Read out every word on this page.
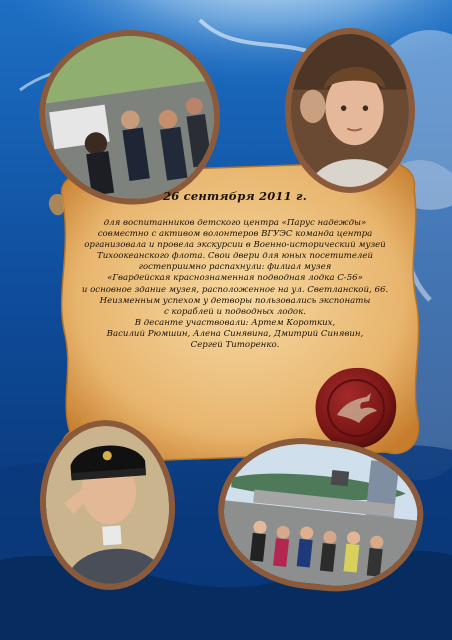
26 сентября 2011 г.
для воспитанников детского центра «Парус надежды»
совместно с активом волонтеров ВГУЭС команда центра
организовала и провела экскурсии в Военно-исторический музей
Тихоокеанского флота. Свои двери для юных посетителей
гостеприимно распахнули: филиал музея
«Гвардейская краснознаменная подводная лодка С-56»
и основное здание музея, расположенное на ул. Светланской, 66.
Неизменным успехом у детворы пользовались экспонаты
с кораблей и подводных лодок.
В десанте участвовали: Артем Коротких,
Василий Рюмшин, Алена Синявина, Дмитрий Синявин,
Сергей Титоренко.
